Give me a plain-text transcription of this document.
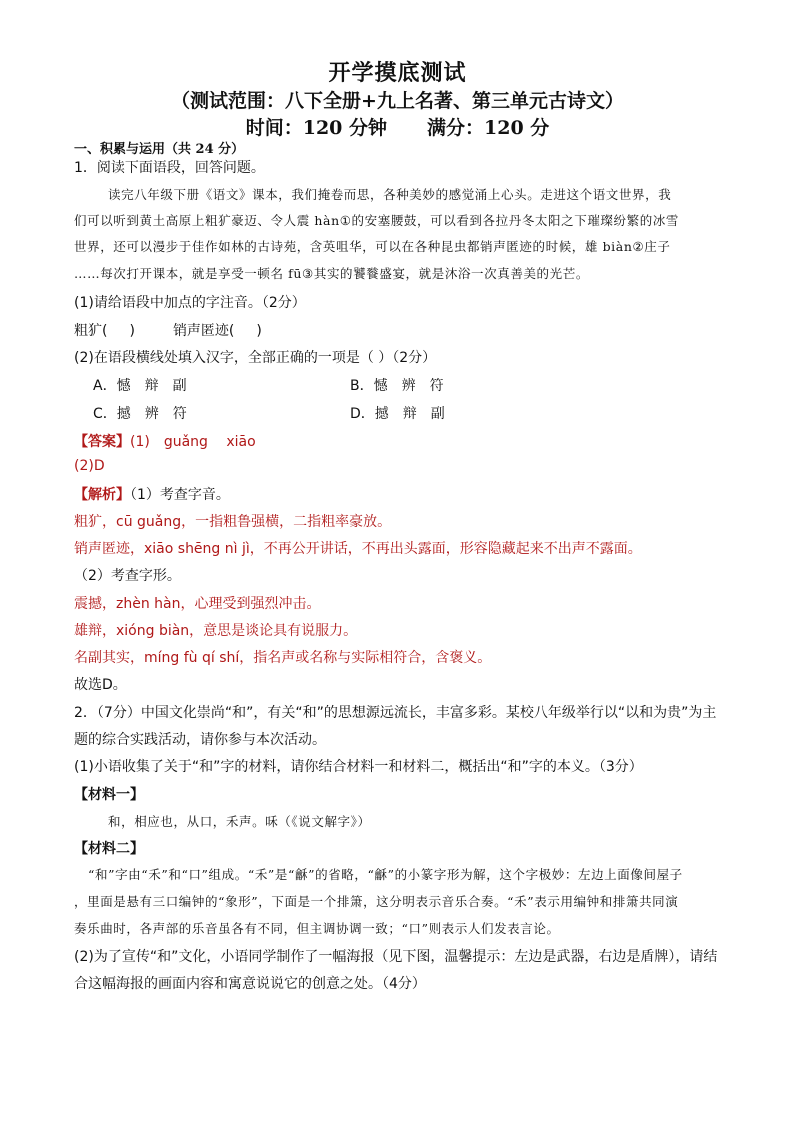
开学摸底测试
（测试范围：八下全册+九上名著、第三单元古诗文）
时间：120 分钟 满分：120 分
一、积累与运用（共 24 分）
1．阅读下面语段，回答问题。
读完八年级下册《语文》课本，我们掩卷而思，各种美妙的感觉涌上心头。走进这个语文世界，我
们可以听到黄土高原上粗犷豪迈、令人震 hàn①的安塞腰鼓，可以看到各拉丹冬太阳之下璀璨纷繁的冰雪
世界，还可以漫步于佳作如林的古诗苑，含英咀华，可以在各种昆虫都销声匿迹的时候，雄 biàn②庄子
……每次打开课本，就是享受一顿名 fū③其实的饕餮盛宴，就是沐浴一次真善美的光芒。
(1)请给语段中加点的字注音。（2分）
粗犷( )	销声匿迹( )
(2)在语段横线处填入汉字，全部正确的一项是（ ）（2分）
A．憾　辩　副	B．憾　辨　符
C．撼　辨　符	D．撼　辩　副
【答案】(1)　guǎng　 xiāo
(2)D
【解析】（1）考查字音。
粗犷，cū guǎng，一指粗鲁强横，二指粗率豪放。
销声匿迹，xiāo shēng nì jì，不再公开讲话，不再出头露面，形容隐藏起来不出声不露面。
（2）考查字形。
震撼，zhèn hàn，心理受到强烈冲击。
雄辩，xióng biàn，意思是谈论具有说服力。
名副其实，míng fù qí shí，指名声或名称与实际相符合，含褒义。
故选D。
2．（7分）中国文化崇尚“和”，有关“和”的思想源远流长，丰富多彩。某校八年级举行以“以和为贵”为主
题的综合实践活动，请你参与本次活动。
(1)小语收集了关于“和”字的材料，请你结合材料一和材料二，概括出“和”字的本义。（3分）
【材料一】
和，相应也，从口，禾声。咊（《说文解字》）
【材料二】
“和”字由“禾”和“口”组成。“禾”是“龢”的省略，“龢”的小篆字形为解，这个字极妙：左边上面像间屋子
，里面是悬有三口编钟的“象形”，下面是一个排箫，这分明表示音乐合奏。“禾”表示用编钟和排箫共同演
奏乐曲时，各声部的乐音虽各有不同，但主调协调一致；“口”则表示人们发表言论。
(2)为了宣传“和”文化，小语同学制作了一幅海报（见下图，温馨提示：左边是武器，右边是盾牌），请结
合这幅海报的画面内容和寓意说说它的创意之处。（4分）
